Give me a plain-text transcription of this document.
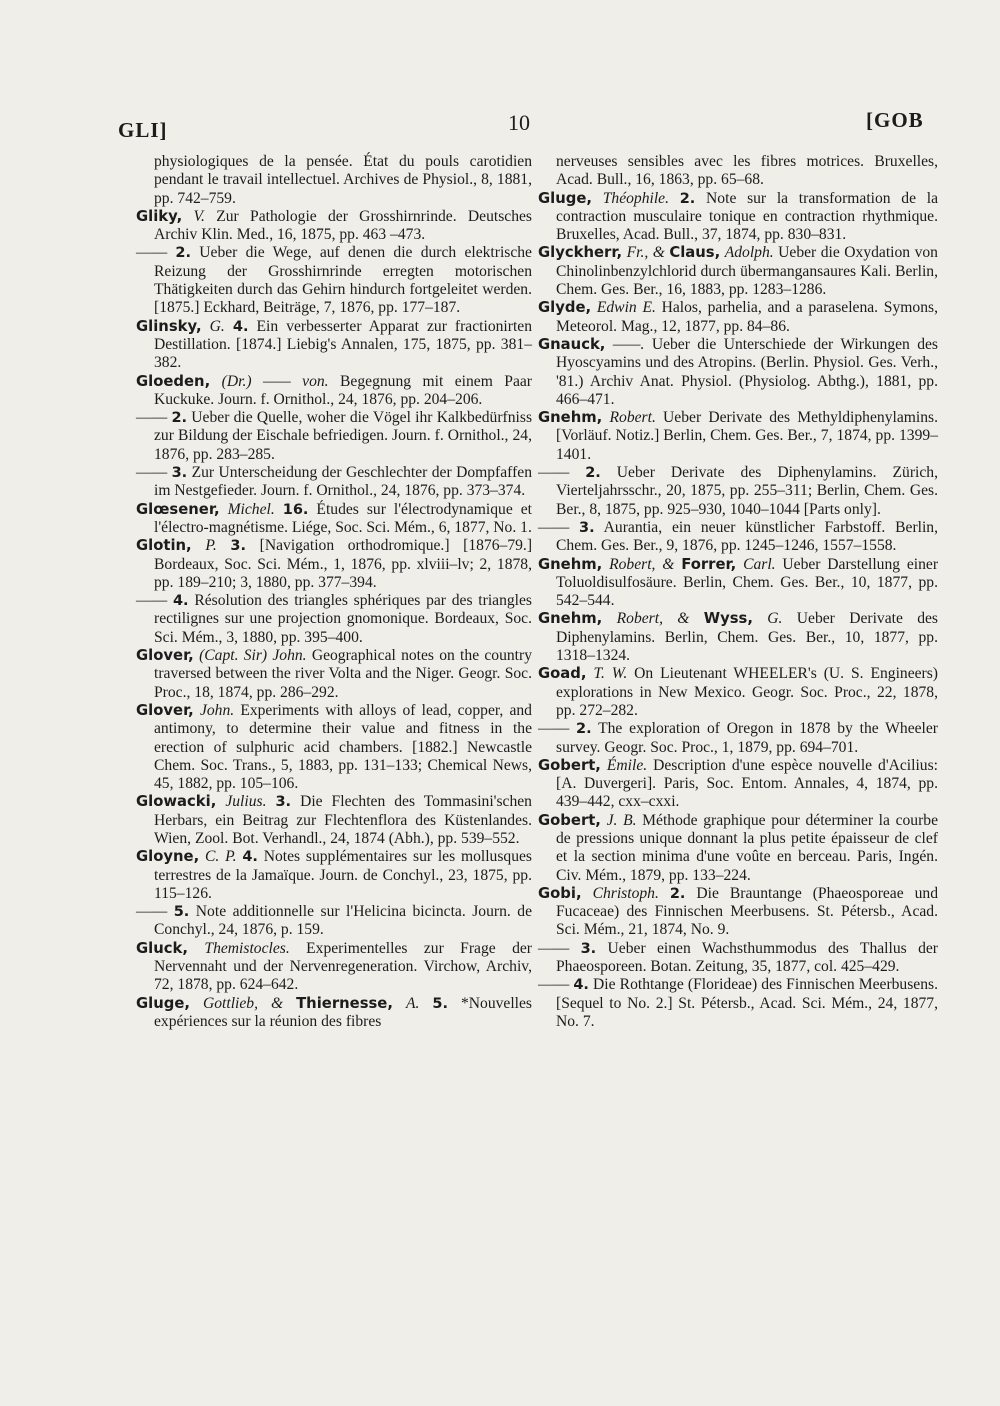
GLI]	10	[GOB
physiologiques de la pensée. État du pouls carotidien pendant le travail intellectuel. Archives de Physiol., 8, 1881, pp. 742–759.
Gliky, V. Zur Pathologie der Grosshirnrinde. Deutsches Archiv Klin. Med., 16, 1875, pp. 463 –473.
—— 2. Ueber die Wege, auf denen die durch elektrische Reizung der Grosshirnrinde erregten motorischen Thätigkeiten durch das Gehirn hindurch fortgeleitet werden. [1875.] Eckhard, Beiträge, 7, 1876, pp. 177–187.
Glinsky, G. 4. Ein verbesserter Apparat zur fractionirten Destillation. [1874.] Liebig's Annalen, 175, 1875, pp. 381–382.
Gloeden, (Dr.) —— von. Begegnung mit einem Paar Kuckuke. Journ. f. Ornithol., 24, 1876, pp. 204–206.
—— 2. Ueber die Quelle, woher die Vögel ihr Kalkbedürfniss zur Bildung der Eischale befriedigen. Journ. f. Ornithol., 24, 1876, pp. 283–285.
—— 3. Zur Unterscheidung der Geschlechter der Dompfaffen im Nestgefieder. Journ. f. Ornithol., 24, 1876, pp. 373–374.
Glœsener, Michel. 16. Études sur l'électrodynamique et l'électro-magnétisme. Liége, Soc. Sci. Mém., 6, 1877, No. 1.
Glotin, P. 3. [Navigation orthodromique.] [1876–79.] Bordeaux, Soc. Sci. Mém., 1, 1876, pp. xlviii–lv; 2, 1878, pp. 189–210; 3, 1880, pp. 377–394.
—— 4. Résolution des triangles sphériques par des triangles rectilignes sur une projection gnomonique. Bordeaux, Soc. Sci. Mém., 3, 1880, pp. 395–400.
Glover, (Capt. Sir) John. Geographical notes on the country traversed between the river Volta and the Niger. Geogr. Soc. Proc., 18, 1874, pp. 286–292.
Glover, John. Experiments with alloys of lead, copper, and antimony, to determine their value and fitness in the erection of sulphuric acid chambers. [1882.] Newcastle Chem. Soc. Trans., 5, 1883, pp. 131–133; Chemical News, 45, 1882, pp. 105–106.
Glowacki, Julius. 3. Die Flechten des Tommasini'schen Herbars, ein Beitrag zur Flechtenflora des Küstenlandes. Wien, Zool. Bot. Verhandl., 24, 1874 (Abh.), pp. 539–552.
Gloyne, C. P. 4. Notes supplémentaires sur les mollusques terrestres de la Jamaïque. Journ. de Conchyl., 23, 1875, pp. 115–126.
—— 5. Note additionnelle sur l'Helicina bicincta. Journ. de Conchyl., 24, 1876, p. 159.
Gluck, Themistocles. Experimentelles zur Frage der Nervennaht und der Nervenregeneration. Virchow, Archiv, 72, 1878, pp. 624–642.
Gluge, Gottlieb, & Thiernesse, A. 5. *Nouvelles expériences sur la réunion des fibres
nerveuses sensibles avec les fibres motrices. Bruxelles, Acad. Bull., 16, 1863, pp. 65–68.
Gluge, Théophile. 2. Note sur la transformation de la contraction musculaire tonique en contraction rhythmique. Bruxelles, Acad. Bull., 37, 1874, pp. 830–831.
Glyckherr, Fr., & Claus, Adolph. Ueber die Oxydation von Chinolinbenzylchlorid durch übermangansaures Kali. Berlin, Chem. Ges. Ber., 16, 1883, pp. 1283–1286.
Glyde, Edwin E. Halos, parhelia, and a paraselena. Symons, Meteorol. Mag., 12, 1877, pp. 84–86.
Gnauck, ——. Ueber die Unterschiede der Wirkungen des Hyoscyamins und des Atropins. (Berlin. Physiol. Ges. Verh., '81.) Archiv Anat. Physiol. (Physiolog. Abthg.), 1881, pp. 466–471.
Gnehm, Robert. Ueber Derivate des Methyldiphenylamins. [Vorläuf. Notiz.] Berlin, Chem. Ges. Ber., 7, 1874, pp. 1399–1401.
—— 2. Ueber Derivate des Diphenylamins. Zürich, Vierteljahrsschr., 20, 1875, pp. 255–311; Berlin, Chem. Ges. Ber., 8, 1875, pp. 925–930, 1040–1044 [Parts only].
—— 3. Aurantia, ein neuer künstlicher Farbstoff. Berlin, Chem. Ges. Ber., 9, 1876, pp. 1245–1246, 1557–1558.
Gnehm, Robert, & Forrer, Carl. Ueber Darstellung einer Toluoldisulfosäure. Berlin, Chem. Ges. Ber., 10, 1877, pp. 542–544.
Gnehm, Robert, & Wyss, G. Ueber Derivate des Diphenylamins. Berlin, Chem. Ges. Ber., 10, 1877, pp. 1318–1324.
Goad, T. W. On Lieutenant WHEELER's (U. S. Engineers) explorations in New Mexico. Geogr. Soc. Proc., 22, 1878, pp. 272–282.
—— 2. The exploration of Oregon in 1878 by the Wheeler survey. Geogr. Soc. Proc., 1, 1879, pp. 694–701.
Gobert, Émile. Description d'une espèce nouvelle d'Acilius: [A. Duvergeri]. Paris, Soc. Entom. Annales, 4, 1874, pp. 439–442, cxx–cxxi.
Gobert, J. B. Méthode graphique pour déterminer la courbe de pressions unique donnant la plus petite épaisseur de clef et la section minima d'une voûte en berceau. Paris, Ingén. Civ. Mém., 1879, pp. 133–224.
Gobi, Christoph. 2. Die Brauntange (Phaeosporeae und Fucaceae) des Finnischen Meerbusens. St. Pétersb., Acad. Sci. Mém., 21, 1874, No. 9.
—— 3. Ueber einen Wachsthummodus des Thallus der Phaeosporeen. Botan. Zeitung, 35, 1877, col. 425–429.
—— 4. Die Rothtange (Florideae) des Finnischen Meerbusens. [Sequel to No. 2.] St. Pétersb., Acad. Sci. Mém., 24, 1877, No. 7.
